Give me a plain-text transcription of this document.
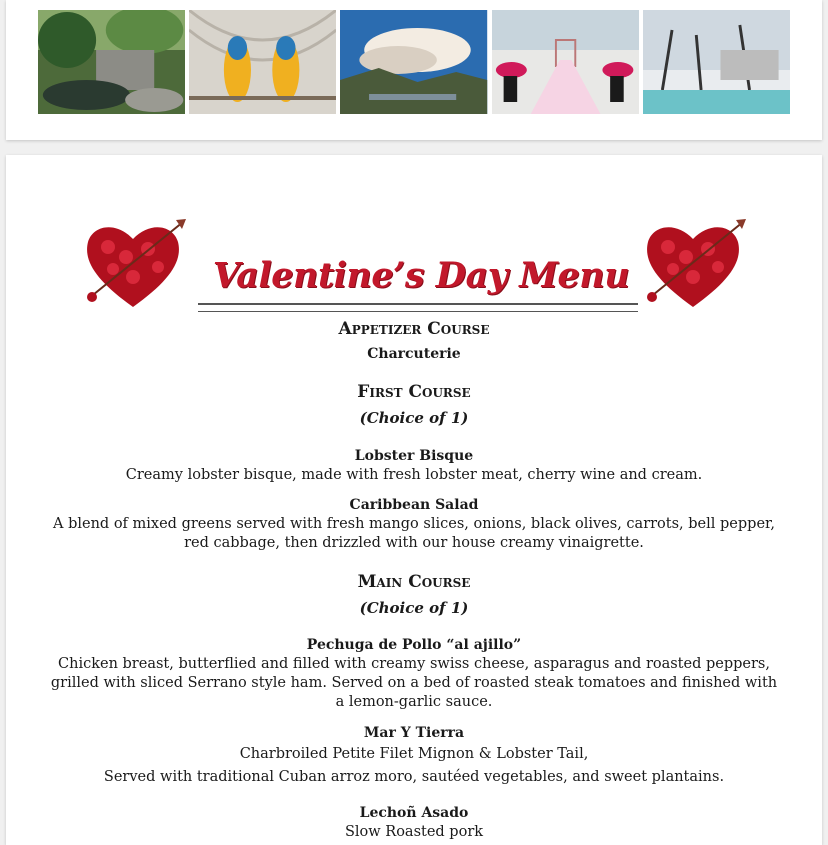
Valentine’s Day Menu

Appetizer Course

Charcuterie

First Course

(Choice of 1)

Lobster Bisque

Creamy lobster bisque, made with fresh lobster meat, cherry wine and cream.

Caribbean Salad

A blend of mixed greens served with fresh mango slices, onions, black olives, carrots, bell pepper, red cabbage, then drizzled with our house creamy vinaigrette.

Main Course

(Choice of 1)

Pechuga de Pollo “al ajillo”

Chicken breast, butterflied and filled with creamy swiss cheese, asparagus and roasted peppers, grilled with sliced Serrano style ham. Served on a bed of roasted steak tomatoes and finished with a lemon-garlic sauce.

Mar Y Tierra

Charbroiled Petite Filet Mignon & Lobster Tail,

Served with traditional Cuban arroz moro, sautéed vegetables, and sweet plantains.

Lechoñ Asado

Slow Roasted pork
